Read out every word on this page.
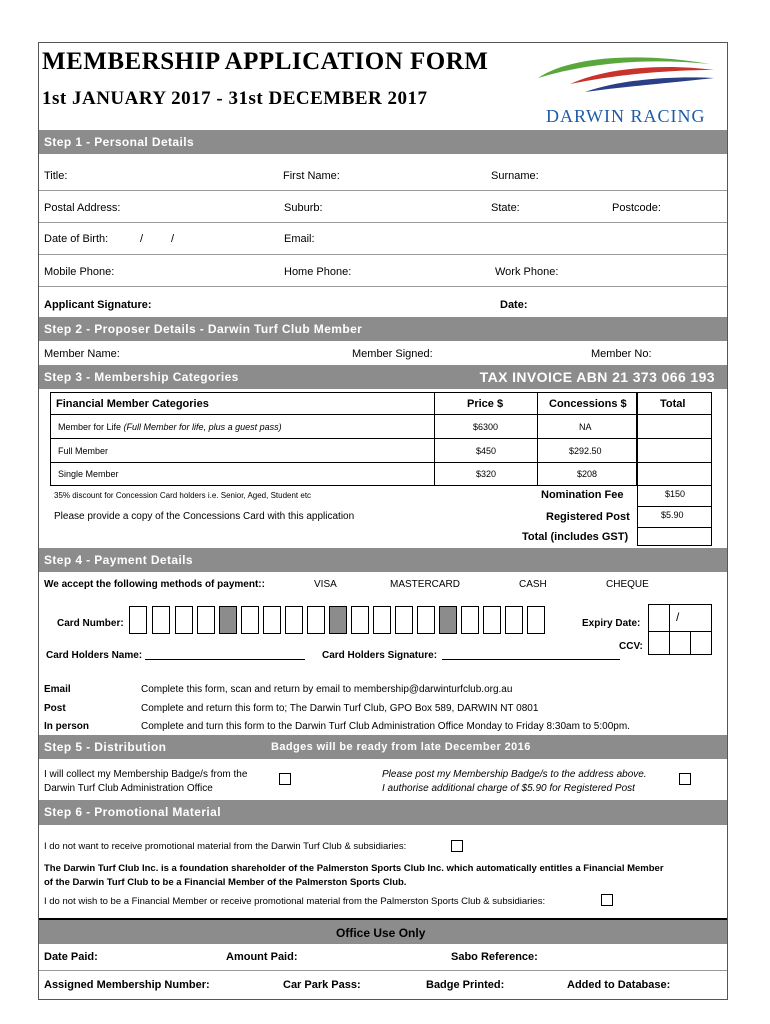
MEMBERSHIP APPLICATION FORM
1st JANUARY 2017 - 31st DECEMBER 2017
DARWIN RACING
Step 1 - Personal Details
Title:	First Name:	Surname:
Postal Address:	Suburb:	State:	Postcode:
Date of Birth:	/	/	Email:
Mobile Phone:	Home Phone:	Work Phone:
Applicant Signature:	Date:
Step 2 - Proposer Details - Darwin Turf Club Member
Member Name:	Member Signed:	Member No:
Step 3 - Membership Categories	TAX INVOICE ABN 21 373 066 193
Financial Member Categories	Price $	Concessions $	Total
Member for Life (Full Member for life, plus a guest pass)	$6300	NA
Full Member	$450	$292.50
Single Member	$320	$208
35% discount for Concession Card holders i.e. Senior, Aged, Student etc
Please provide a copy of the Concessions Card with this application
Nomination Fee	$150
Registered Post	$5.90
Total (includes GST)
Step 4 - Payment Details
We accept the following methods of payment::	VISA	MASTERCARD	CASH	CHEQUE
Card Number:	Expiry Date:	/
CCV:
Card Holders Name:	Card Holders Signature:
Email	Complete this form, scan and return by email to membership@darwinturfclub.org.au
Post	Complete and return this form to; The Darwin Turf Club, GPO Box 589, DARWIN NT 0801
In person	Complete and turn this form to the Darwin Turf Club Administration Office Monday to Friday 8:30am to 5:00pm.
Step 5 - Distribution	Badges will be ready from late December 2016
I will collect my Membership Badge/s from the
Darwin Turf Club Administration Office
Please post my Membership Badge/s to the address above.
I authorise additional charge of $5.90 for Registered Post
Step 6 - Promotional Material
I do not want to receive promotional material from the Darwin Turf Club & subsidiaries:
The Darwin Turf Club Inc. is a foundation shareholder of the Palmerston Sports Club Inc. which automatically entitles a Financial Member
of the Darwin Turf Club to be a Financial Member of the Palmerston Sports Club.
I do not wish to be a Financial Member or receive promotional material from the Palmerston Sports Club & subsidiaries:
Office Use Only
Date Paid:	Amount Paid:	Sabo Reference:
Assigned Membership Number:	Car Park Pass:	Badge Printed:	Added to Database:
